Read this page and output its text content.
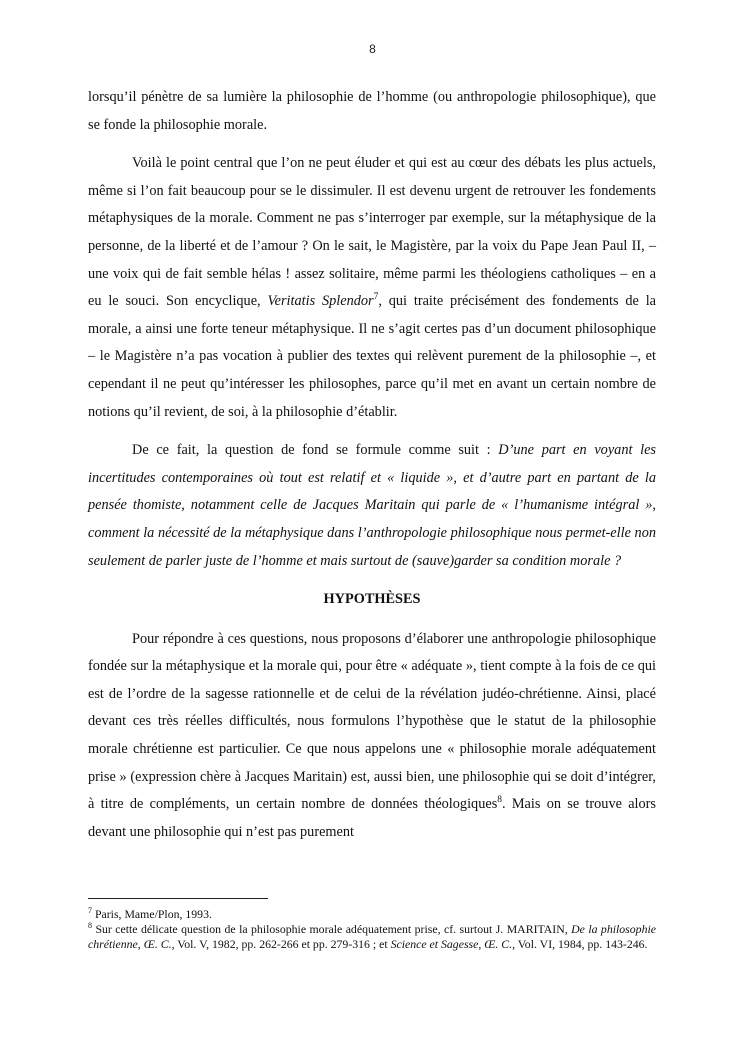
8

lorsqu’il pénètre de sa lumière la philosophie de l’homme (ou anthropologie philosophique), que se fonde la philosophie morale.

Voilà le point central que l’on ne peut éluder et qui est au cœur des débats les plus actuels, même si l’on fait beaucoup pour se le dissimuler. Il est devenu urgent de retrouver les fondements métaphysiques de la morale. Comment ne pas s’interroger par exemple, sur la métaphysique de la personne, de la liberté et de l’amour ? On le sait, le Magistère, par la voix du Pape Jean Paul II, – une voix qui de fait semble hélas ! assez solitaire, même parmi les théologiens catholiques – en a eu le souci. Son encyclique, Veritatis Splendor$^7$, qui traite précisément des fondements de la morale, a ainsi une forte teneur métaphysique. Il ne s’agit certes pas d’un document philosophique – le Magistère n’a pas vocation à publier des textes qui relèvent purement de la philosophie –, et cependant il ne peut qu’intéresser les philosophes, parce qu’il met en avant un certain nombre de notions qu’il revient, de soi, à la philosophie d’établir.

De ce fait, la question de fond se formule comme suit : D’une part en voyant les incertitudes contemporaines où tout est relatif et « liquide », et d’autre part en partant de la pensée thomiste, notamment celle de Jacques Maritain qui parle de « l’humanisme intégral », comment la nécessité de la métaphysique dans l’anthropologie philosophique nous permet-elle non seulement de parler juste de l’homme et mais surtout de (sauve)garder sa condition morale ?

HYPOTHÈSES

Pour répondre à ces questions, nous proposons d’élaborer une anthropologie philosophique fondée sur la métaphysique et la morale qui, pour être « adéquate », tient compte à la fois de ce qui est de l’ordre de la sagesse rationnelle et de celui de la révélation judéo-chrétienne. Ainsi, placé devant ces très réelles difficultés, nous formulons l’hypothèse que le statut de la philosophie morale chrétienne est particulier. Ce que nous appelons une « philosophie morale adéquatement prise » (expression chère à Jacques Maritain) est, aussi bien, une philosophie qui se doit d’intégrer, à titre de compléments, un certain nombre de données théologiques$^8$. Mais on se trouve alors devant une philosophie qui n’est pas purement

$^7$ Paris, Mame/Plon, 1993.

$^8$ Sur cette délicate question de la philosophie morale adéquatement prise, cf. surtout J. MARITAIN, De la philosophie chrétienne, Œ. C., Vol. V, 1982, pp. 262-266 et pp. 279-316 ; et Science et Sagesse, Œ. C., Vol. VI, 1984, pp. 143-246.
